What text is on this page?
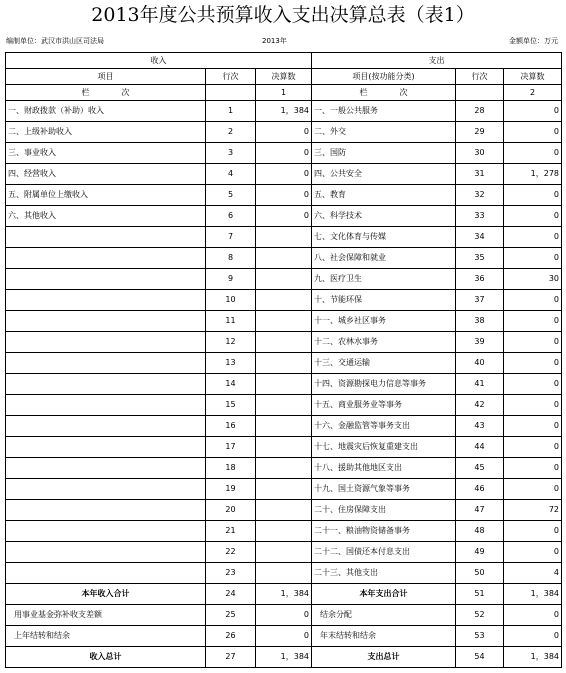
2013年度公共预算收入支出决算总表（表1）
编制单位：武汉市洪山区司法局	2013年	金额单位：万元
收入			支出		
项目	行次	决算数	项目(按功能分类)	行次	决算数
栏　　　　次		1	栏　　　　次		2
一、财政拨款（补助）收入	1	1，384	一、一般公共服务	28	0
二、上级补助收入	2	0	二、外交	29	0
三、事业收入	3	0	三、国防	30	0
四、经营收入	4	0	四、公共安全	31	1，278
五、附属单位上缴收入	5	0	五、教育	32	0
六、其他收入	6	0	六、科学技术	33	0
	7		七、文化体育与传媒	34	0
	8		八、社会保障和就业	35	0
	9		九、医疗卫生	36	30
	10		十、节能环保	37	0
	11		十一、城乡社区事务	38	0
	12		十二、农林水事务	39	0
	13		十三、交通运输	40	0
	14		十四、资源勘探电力信息等事务	41	0
	15		十五、商业服务业等事务	42	0
	16		十六、金融监管等事务支出	43	0
	17		十七、地震灾后恢复重建支出	44	0
	18		十八、援助其他地区支出	45	0
	19		十九、国土资源气象等事务	46	0
	20		二十、住房保障支出	47	72
	21		二十一、粮油物资储备事务	48	0
	22		二十二、国债还本付息支出	49	0
	23		二十三、其他支出	50	4
本年收入合计	24	1，384	本年支出合计	51	1，384
用事业基金弥补收支差额	25	0	结余分配	52	0
上年结转和结余	26	0	年末结转和结余	53	0
收入总计	27	1，384	支出总计	54	1，384
